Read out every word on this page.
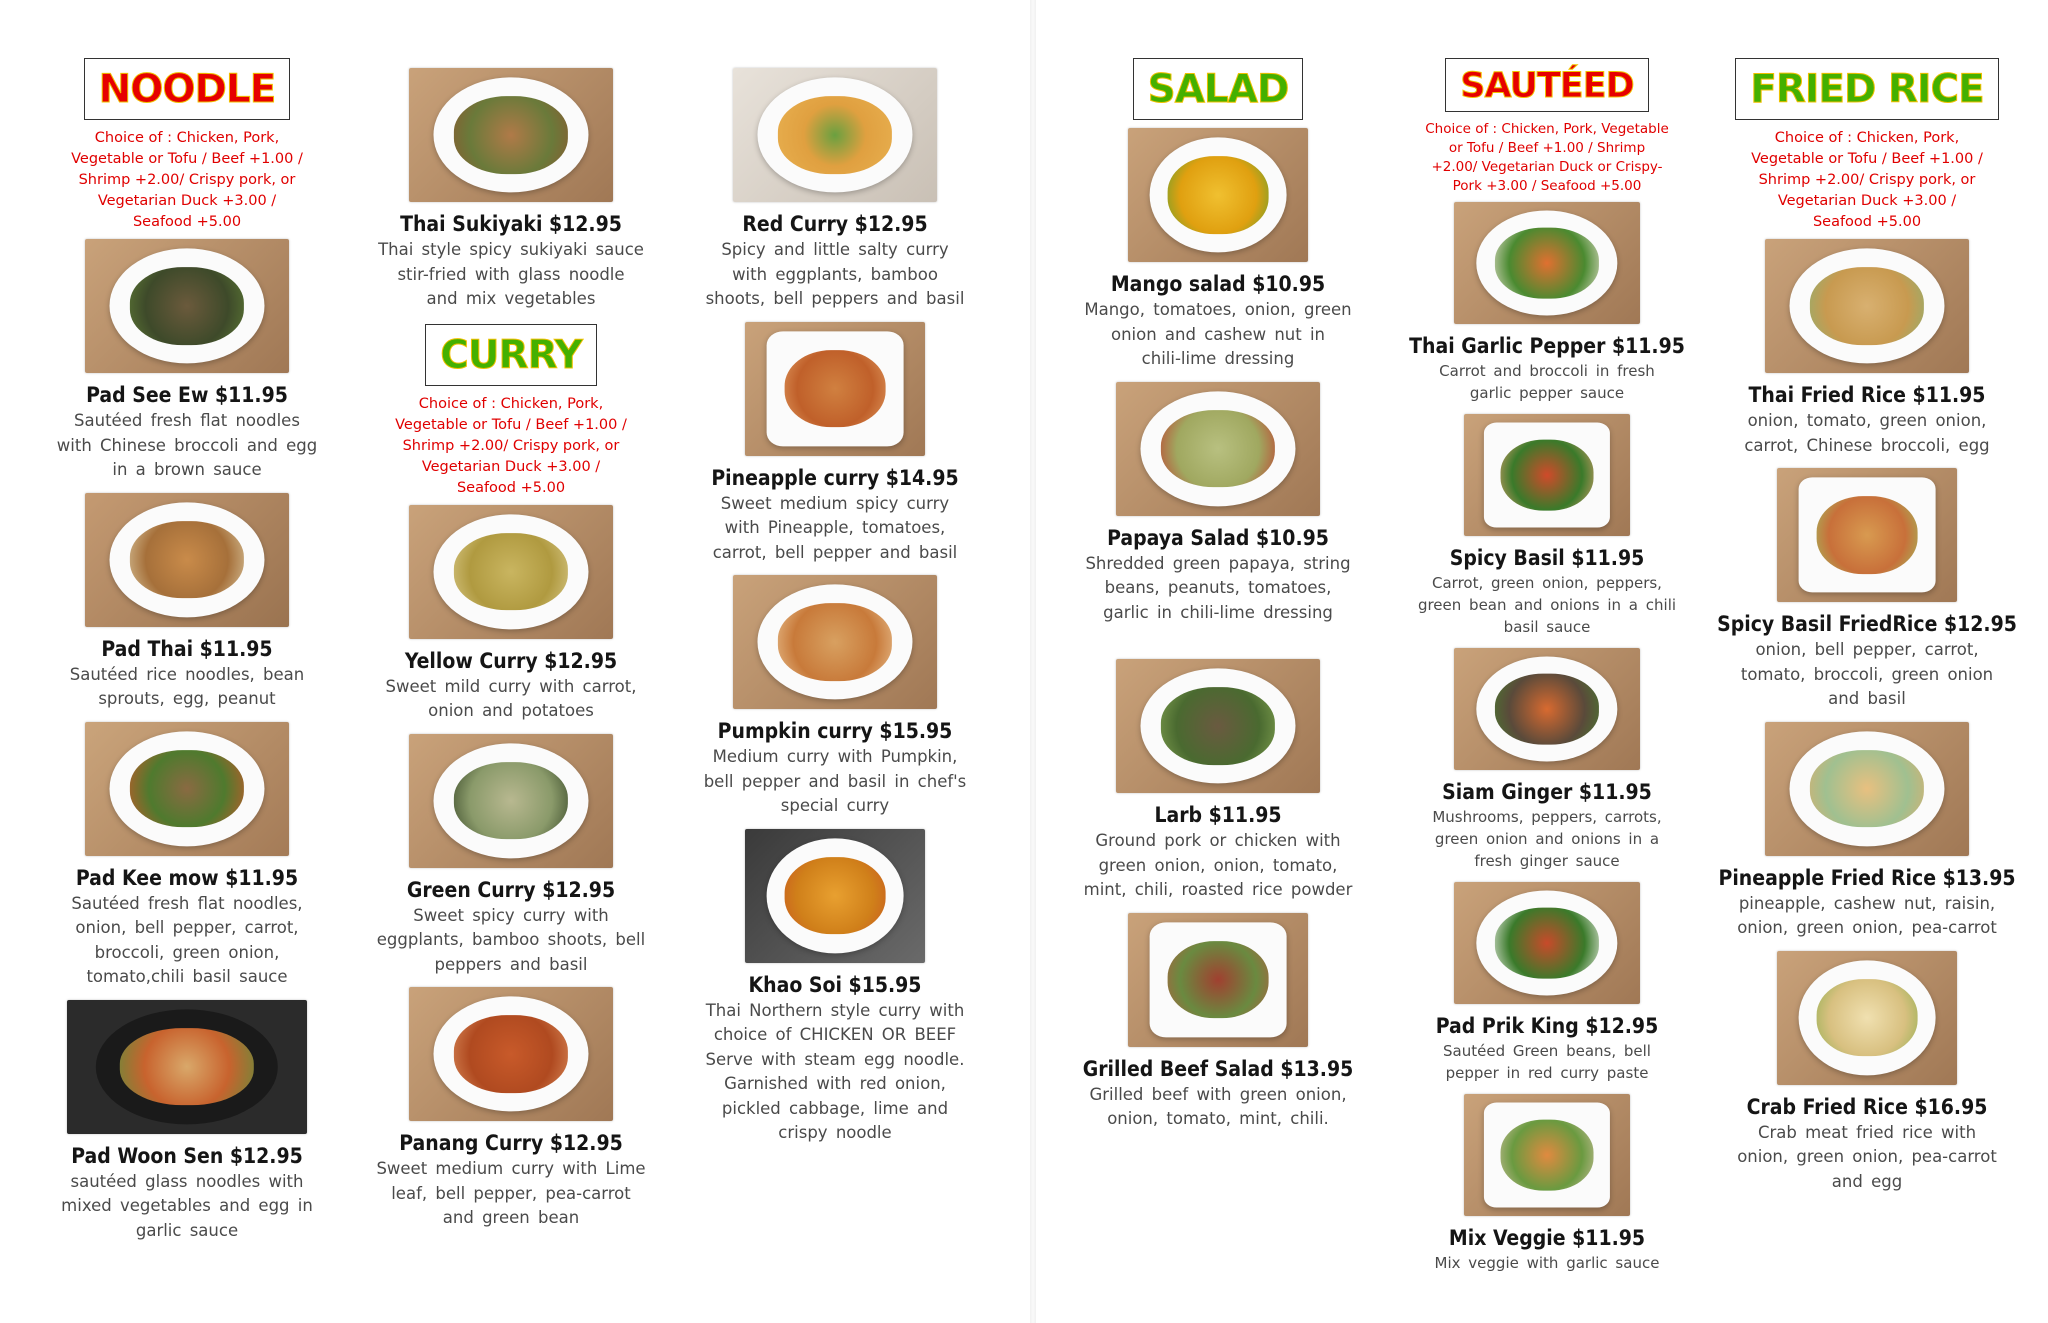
NOODLE
Choice of : Chicken, Pork,
Vegetable or Tofu / Beef +1.00 /
Shrimp +2.00/ Crispy pork, or
Vegetarian Duck +3.00 /
Seafood +5.00
Pad See Ew $11.95
Sautéed fresh flat noodles
with Chinese broccoli and egg
in a brown sauce
Pad Thai $11.95
Sautéed rice noodles, bean
sprouts, egg, peanut
Pad Kee mow $11.95
Sautéed fresh flat noodles,
onion, bell pepper, carrot,
broccoli, green onion,
tomato,chili basil sauce
Pad Woon Sen $12.95
sautéed glass noodles with
mixed vegetables and egg in
garlic sauce
Thai Sukiyaki $12.95
Thai style spicy sukiyaki sauce
stir-fried with glass noodle
and mix vegetables
CURRY
Choice of : Chicken, Pork,
Vegetable or Tofu / Beef +1.00 /
Shrimp +2.00/ Crispy pork, or
Vegetarian Duck +3.00 /
Seafood +5.00
Yellow Curry $12.95
Sweet mild curry with carrot,
onion and potatoes
Green Curry $12.95
Sweet spicy curry with
eggplants, bamboo shoots, bell
peppers and basil
Panang Curry $12.95
Sweet medium curry with Lime
leaf, bell pepper, pea-carrot
and green bean
Red Curry $12.95
Spicy and little salty curry
with eggplants, bamboo
shoots, bell peppers and basil
Pineapple curry $14.95
Sweet medium spicy curry
with Pineapple, tomatoes,
carrot, bell pepper and basil
Pumpkin curry $15.95
Medium curry with Pumpkin,
bell pepper and basil in chef's
special curry
Khao Soi $15.95
Thai Northern style curry with
choice of CHICKEN OR BEEF
Serve with steam egg noodle.
Garnished with red onion,
pickled cabbage, lime and
crispy noodle
SALAD
Mango salad $10.95
Mango, tomatoes, onion, green
onion and cashew nut in
chili-lime dressing
Papaya Salad $10.95
Shredded green papaya, string
beans, peanuts, tomatoes,
garlic in chili-lime dressing
Larb $11.95
Ground pork or chicken with
green onion, onion, tomato,
mint, chili, roasted rice powder
Grilled Beef Salad $13.95
Grilled beef with green onion,
onion, tomato, mint, chili.
SAUTÉED
Choice of : Chicken, Pork, Vegetable
or Tofu / Beef +1.00 / Shrimp
+2.00/ Vegetarian Duck or Crispy-
Pork +3.00 / Seafood +5.00
Thai Garlic Pepper $11.95
Carrot and broccoli in fresh
garlic pepper sauce
Spicy Basil $11.95
Carrot, green onion, peppers,
green bean and onions in a chili
basil sauce
Siam Ginger $11.95
Mushrooms, peppers, carrots,
green onion and onions in a
fresh ginger sauce
Pad Prik King $12.95
Sautéed Green beans, bell
pepper in red curry paste
Mix Veggie $11.95
Mix veggie with garlic sauce
FRIED RICE
Choice of : Chicken, Pork,
Vegetable or Tofu / Beef +1.00 /
Shrimp +2.00/ Crispy pork, or
Vegetarian Duck +3.00 /
Seafood +5.00
Thai Fried Rice $11.95
onion, tomato, green onion,
carrot, Chinese broccoli, egg
Spicy Basil FriedRice $12.95
onion, bell pepper, carrot,
tomato, broccoli, green onion
and basil
Pineapple Fried Rice $13.95
pineapple, cashew nut, raisin,
onion, green onion, pea-carrot
Crab Fried Rice $16.95
Crab meat fried rice with
onion, green onion, pea-carrot
and egg
